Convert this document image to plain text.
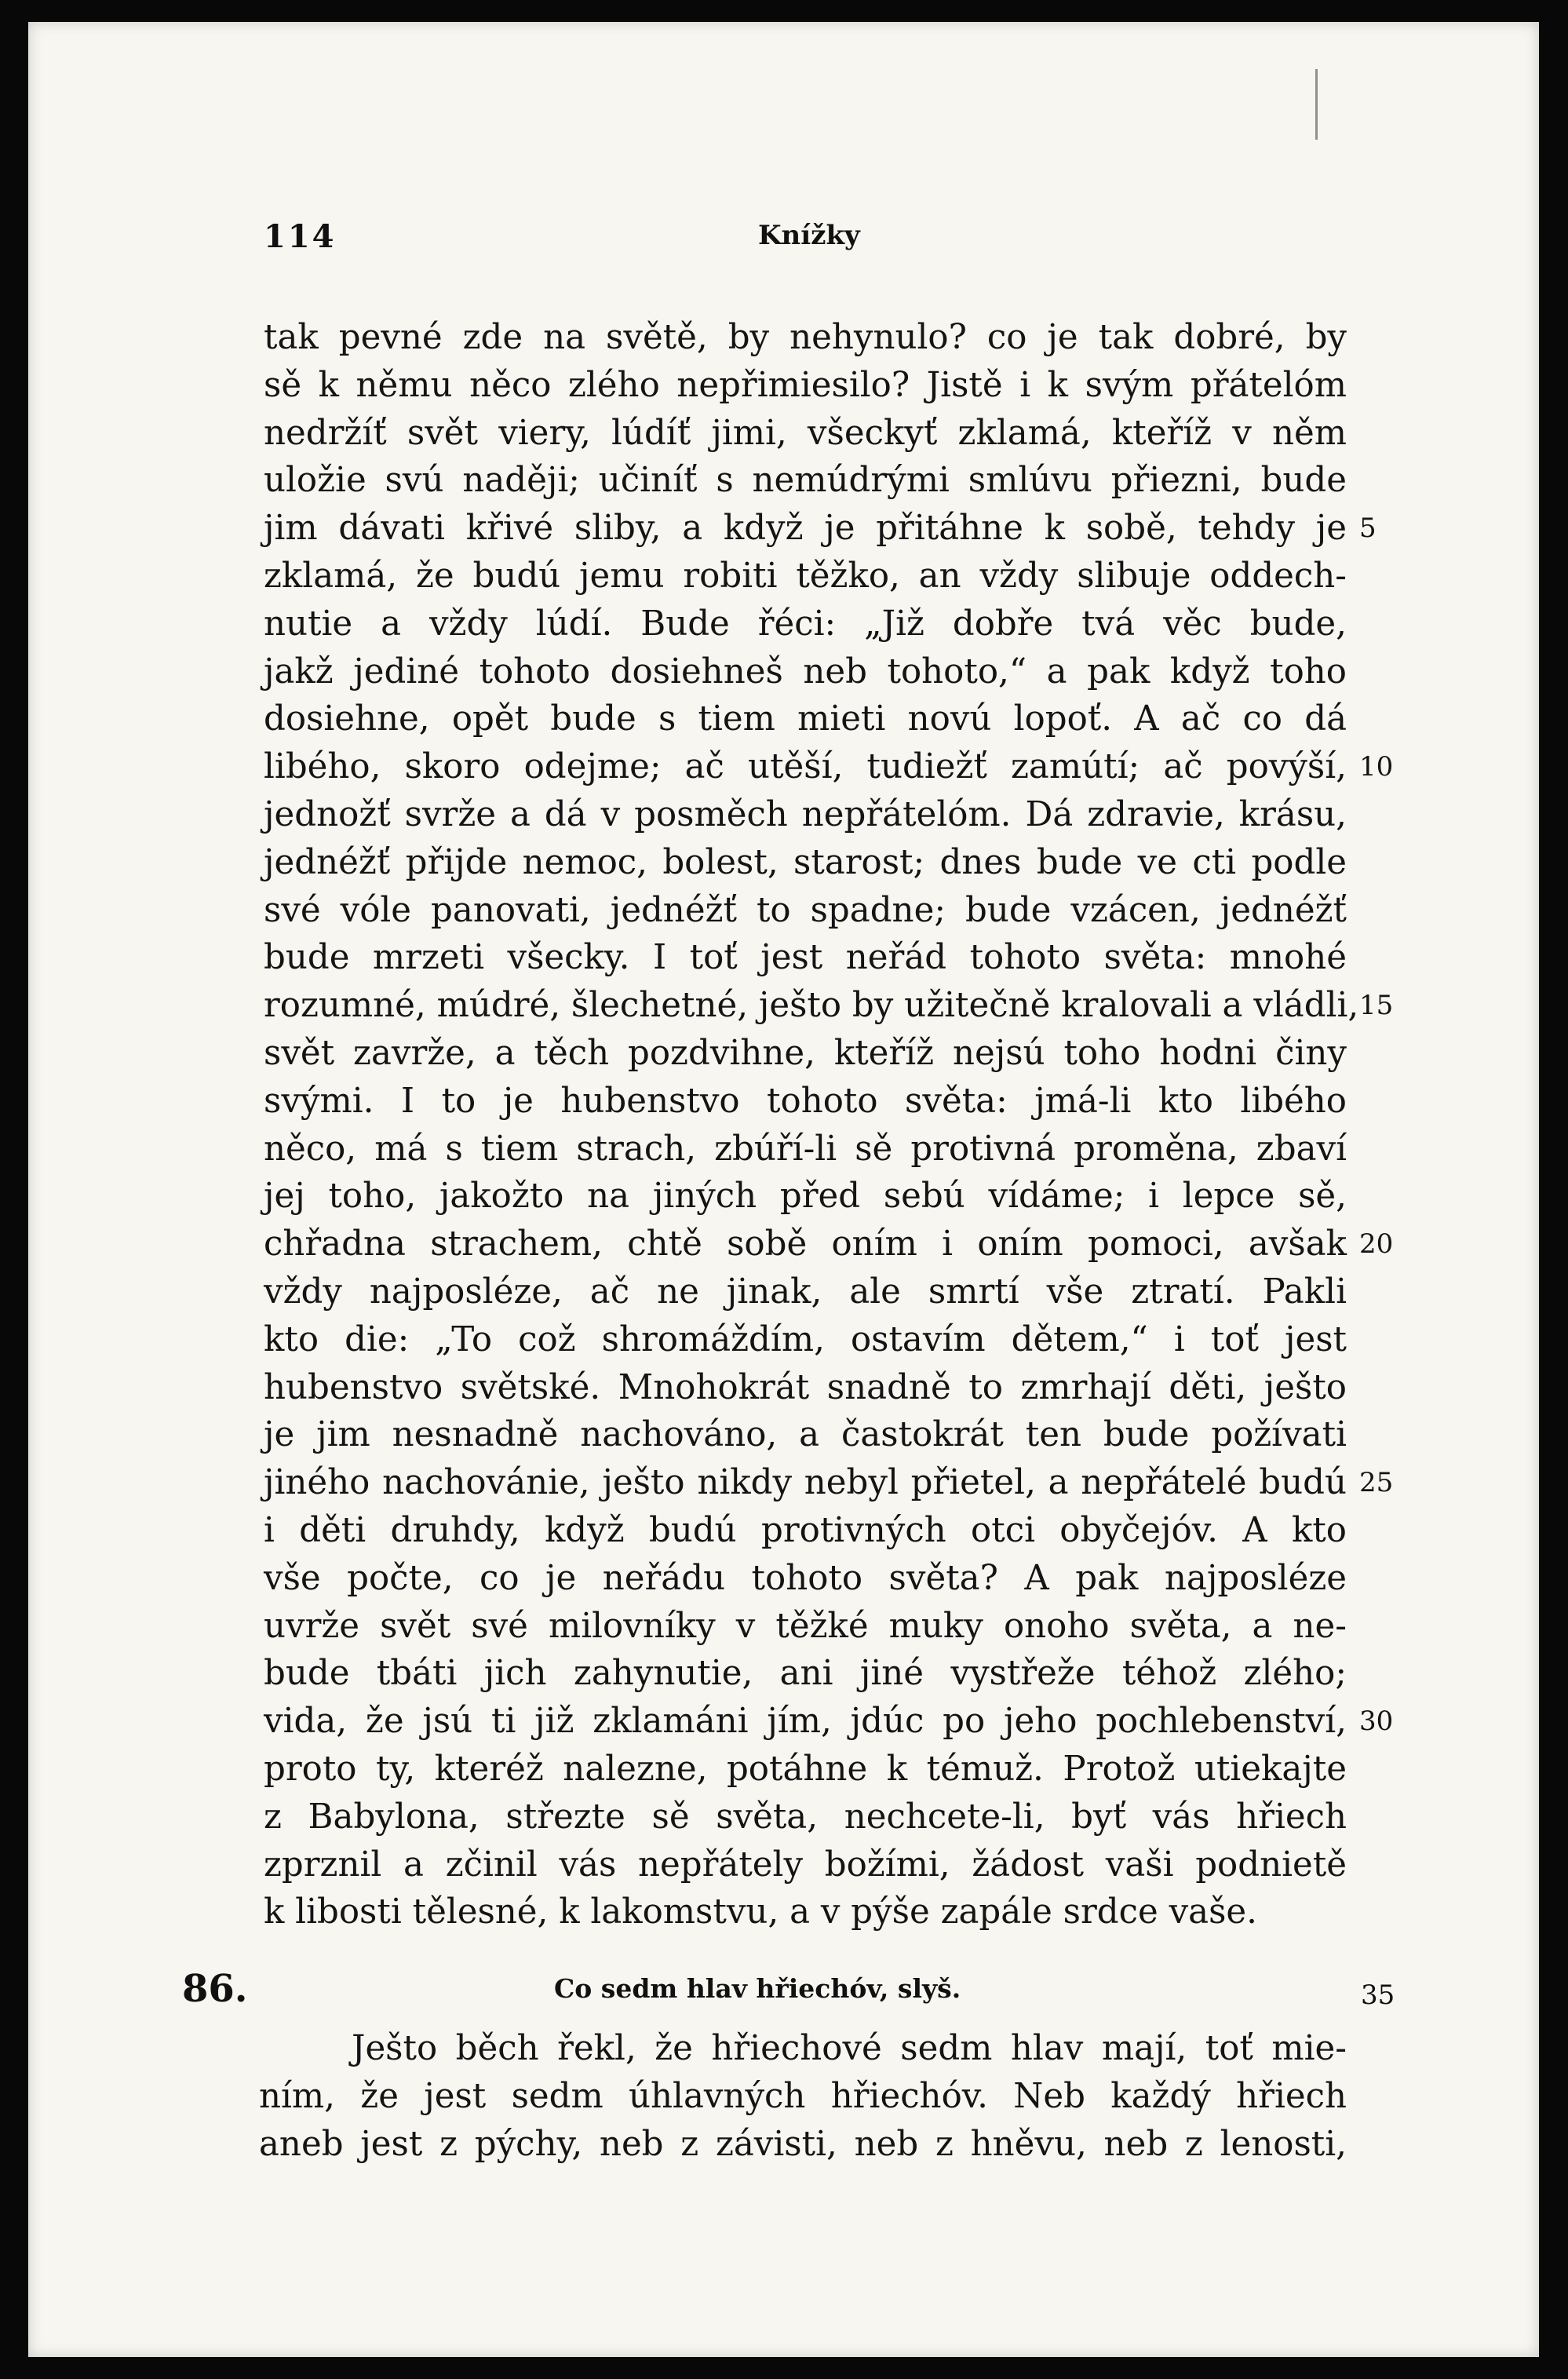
114	Knížky
tak pevné zde na světě, by nehynulo? co je tak dobré, by
sě k němu něco zlého nepřimiesilo? Jistě i k svým přátelóm
nedržíť svět viery, lúdíť jimi, všeckyť zklamá, kteříž v něm
uložie svú naději; učiníť s nemúdrými smlúvu přiezni, bude
jim dávati křivé sliby, a když je přitáhne k sobě, tehdy je 5
zklamá, že budú jemu robiti těžko, an vždy slibuje oddech-
nutie a vždy lúdí. Bude řéci: „Již dobře tvá věc bude,
jakž jediné tohoto dosiehneš neb tohoto,“ a pak když toho
dosiehne, opět bude s tiem mieti novú lopoť. A ač co dá
libého, skoro odejme; ač utěší, tudiežť zamútí; ač povýší, 10
jednožť svrže a dá v posměch nepřátelóm. Dá zdravie, krásu,
jednéžť přijde nemoc, bolest, starost; dnes bude ve cti podle
své vóle panovati, jednéžť to spadne; bude vzácen, jednéžť
bude mrzeti všecky. I toť jest neřád tohoto světa: mnohé
rozumné, múdré, šlechetné, ješto by užitečně kralovali a vládli, 15
svět zavrže, a těch pozdvihne, kteříž nejsú toho hodni činy
svými. I to je hubenstvo tohoto světa: jmá-li kto libého
něco, má s tiem strach, zbúří-li sě protivná proměna, zbaví
jej toho, jakožto na jiných před sebú vídáme; i lepce sě,
chřadna strachem, chtě sobě oním i oním pomoci, avšak 20
vždy najposléze, ač ne jinak, ale smrtí vše ztratí. Pakli
kto die: „To což shromáždím, ostavím dětem,“ i toť jest
hubenstvo světské. Mnohokrát snadně to zmrhají děti, ješto
je jim nesnadně nachováno, a častokrát ten bude požívati
jiného nachovánie, ješto nikdy nebyl přietel, a nepřátelé budú 25
i děti druhdy, když budú protivných otci obyčejóv. A kto
vše počte, co je neřádu tohoto světa? A pak najposléze
uvrže svět své milovníky v těžké muky onoho světa, a ne-
bude tbáti jich zahynutie, ani jiné vystřeže téhož zlého;
vida, že jsú ti již zklamáni jím, jdúc po jeho pochlebenství, 30
proto ty, kteréž nalezne, potáhne k témuž. Protož utiekajte
z Babylona, střezte sě světa, nechcete-li, byť vás hřiech
zprznil a zčinil vás nepřátely božími, žádost vaši podnietě
k libosti tělesné, k lakomstvu, a v pýše zapále srdce vaše.
86.	Co sedm hlav hřiechóv, slyš.	35
Ješto běch řekl, že hřiechové sedm hlav mají, toť mie-
ním, že jest sedm úhlavných hřiechóv. Neb každý hřiech
aneb jest z pýchy, neb z závisti, neb z hněvu, neb z lenosti,
